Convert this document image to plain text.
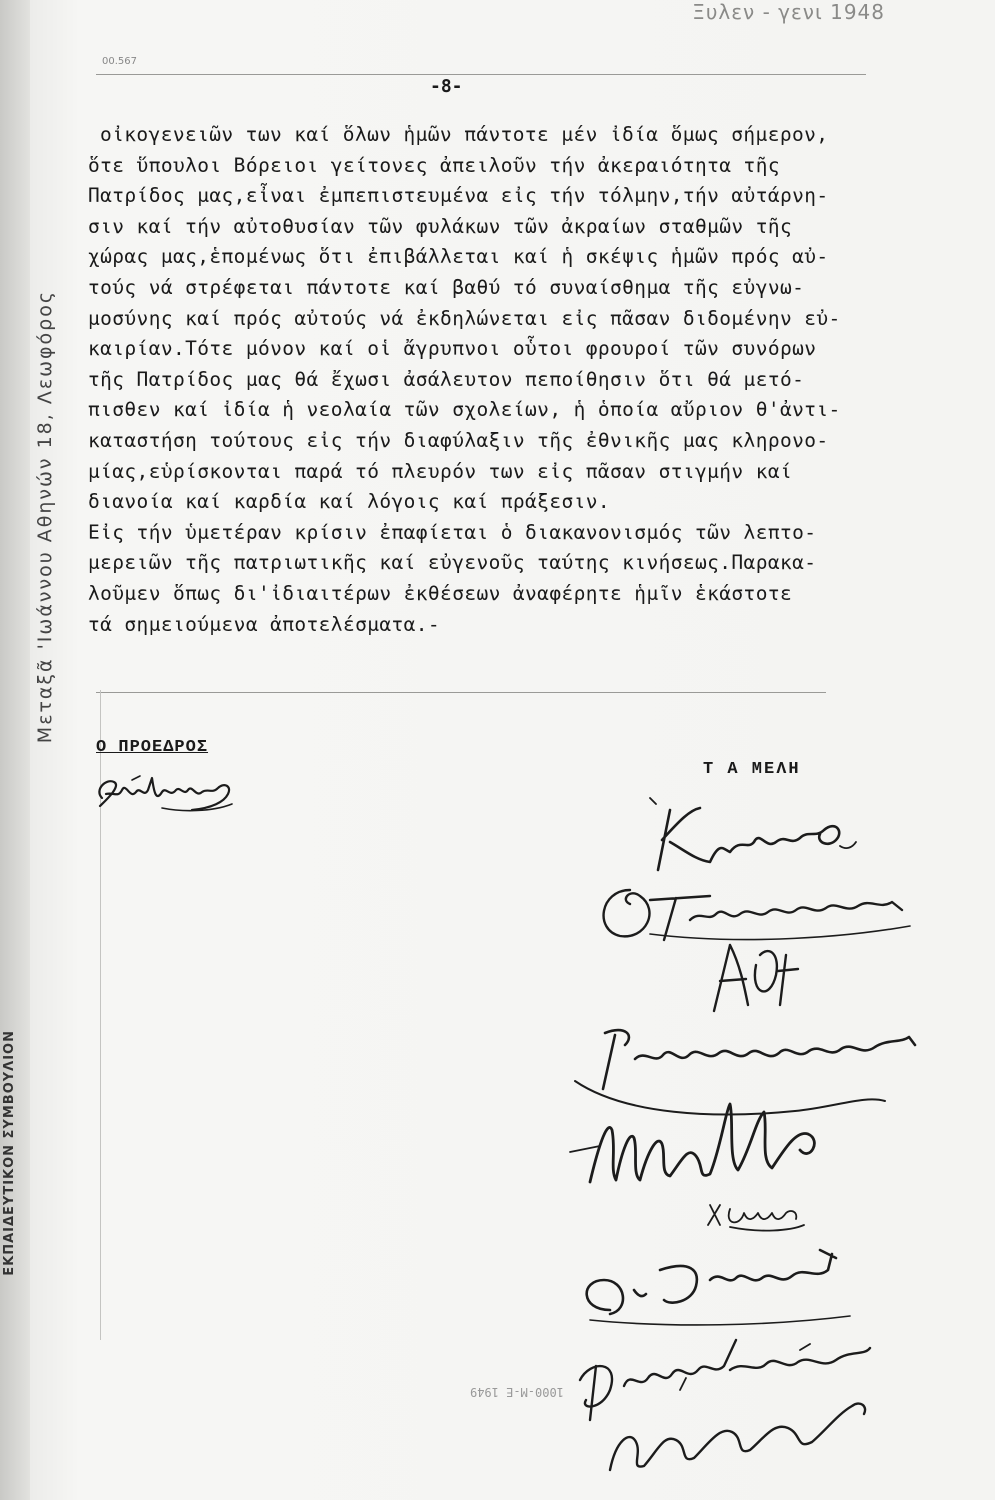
ΕΚΠΑΙΔΕΥΤΙΚΟΝ ΣΥΜΒΟΥΛΙΟΝ
Μεταξᾶ 'Ιωάννου Αθηνών 18, Λεωφόρος
Ξυλεν - γενι 1948
00.567
-8-
οἰκογενειῶν των καί ὅλων ἡμῶν πάντοτε μέν ἰδία ὅμως σήμερον,
ὅτε ὕπουλοι Βόρειοι γείτονες ἀπειλοῦν τήν ἀκεραιότητα τῆς
Πατρίδος μας,εἶναι ἐμπεπιστευμένα εἰς τήν τόλμην,τήν αὐτάρνη-
σιν καί τήν αὐτοθυσίαν τῶν φυλάκων τῶν ἀκραίων σταθμῶν τῆς
χώρας μας,ἑπομένως ὅτι ἐπιβάλλεται καί ἡ σκέψις ἡμῶν πρός αὐ-
τούς νά στρέφεται πάντοτε καί βαθύ τό συναίσθημα τῆς εὐγνω-
μοσύνης καί πρός αὐτούς νά ἐκδηλώνεται εἰς πᾶσαν διδομένην εὐ-
καιρίαν.Τότε μόνον καί οἱ ἄγρυπνοι οὗτοι φρουροί τῶν συνόρων
τῆς Πατρίδος μας θά ἔχωσι ἀσάλευτον πεποίθησιν ὅτι θά μετό-
πισθεν καί ἰδία ἡ νεολαία τῶν σχολείων, ἡ ὁποία αὔριον θ'ἀντι-
καταστήση τούτους εἰς τήν διαφύλαξιν τῆς ἐθνικῆς μας κληρονο-
μίας,εὑρίσκονται παρά τό πλευρόν των εἰς πᾶσαν στιγμήν καί
διανοία καί καρδία καί λόγοις καί πράξεσιν.
Εἰς τήν ὑμετέραν κρίσιν ἐπαφίεται ὁ διακανονισμός τῶν λεπτο-
μερειῶν τῆς πατριωτικῆς καί εὐγενοῦς ταύτης κινήσεως.Παρακα-
λοῦμεν ὅπως δι'ἰδιαιτέρων ἐκθέσεων ἀναφέρητε ἡμῖν ἑκάστοτε
τά σημειούμενα ἀποτελέσματα.-
Ο ΠΡΟΕΔΡΟΣ
Τ Α ΜΕΛΗ
1000-Μ-Ε 1949
